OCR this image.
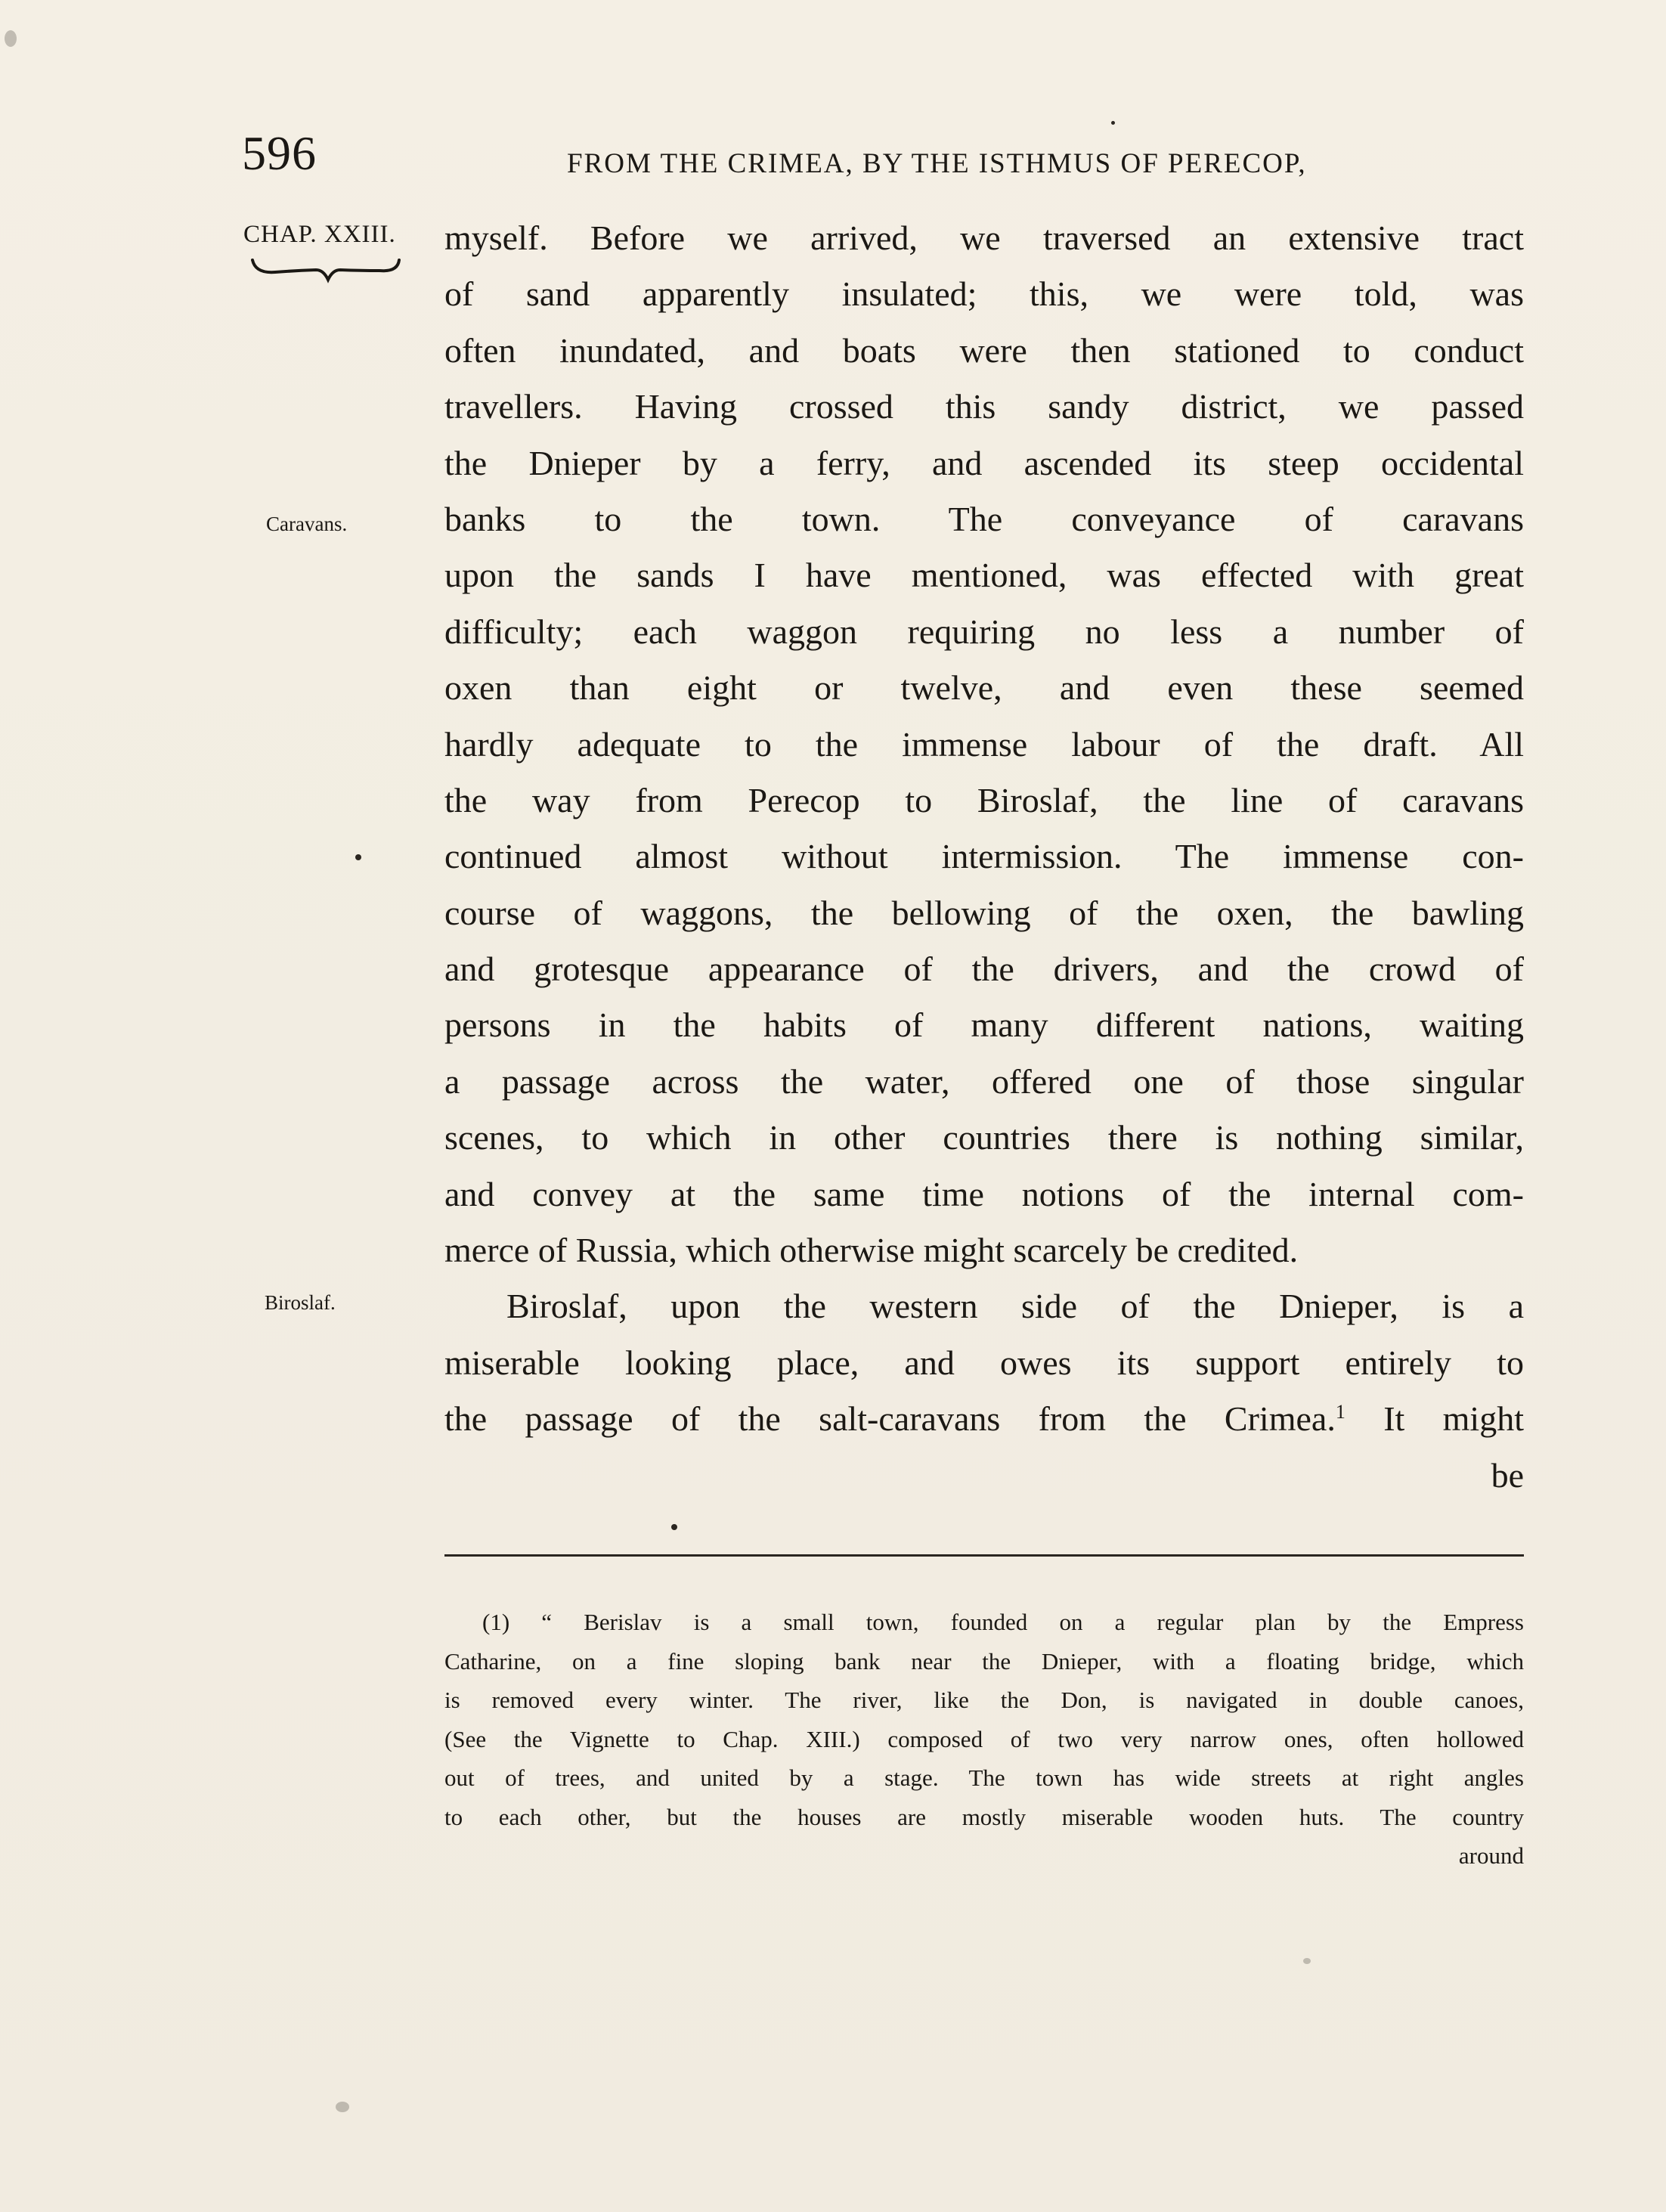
596	FROM THE CRIMEA, BY THE ISTHMUS OF PERECOP,
CHAP. XXIII.
Caravans.
Biroslaf.
myself. Before we arrived, we traversed an extensive tract
of sand apparently insulated; this, we were told, was
often inundated, and boats were then stationed to conduct
travellers. Having crossed this sandy district, we passed
the Dnieper by a ferry, and ascended its steep occidental
banks to the town. The conveyance of caravans
upon the sands I have mentioned, was effected with great
difficulty; each waggon requiring no less a number of
oxen than eight or twelve, and even these seemed
hardly adequate to the immense labour of the draft. All
the way from Perecop to Biroslaf, the line of caravans
continued almost without intermission. The immense con-
course of waggons, the bellowing of the oxen, the bawling
and grotesque appearance of the drivers, and the crowd of
persons in the habits of many different nations, waiting
a passage across the water, offered one of those singular
scenes, to which in other countries there is nothing similar,
and convey at the same time notions of the internal com-
merce of Russia, which otherwise might scarcely be credited.
Biroslaf, upon the western side of the Dnieper, is a
miserable looking place, and owes its support entirely to
the passage of the salt-caravans from the Crimea.$^1$ It might
be
(1) “ Berislav is a small town, founded on a regular plan by the Empress
Catharine, on a fine sloping bank near the Dnieper, with a floating bridge, which
is removed every winter. The river, like the Don, is navigated in double canoes,
(See the Vignette to Chap. XIII.) composed of two very narrow ones, often hollowed
out of trees, and united by a stage. The town has wide streets at right angles
to each other, but the houses are mostly miserable wooden huts. The country
around
